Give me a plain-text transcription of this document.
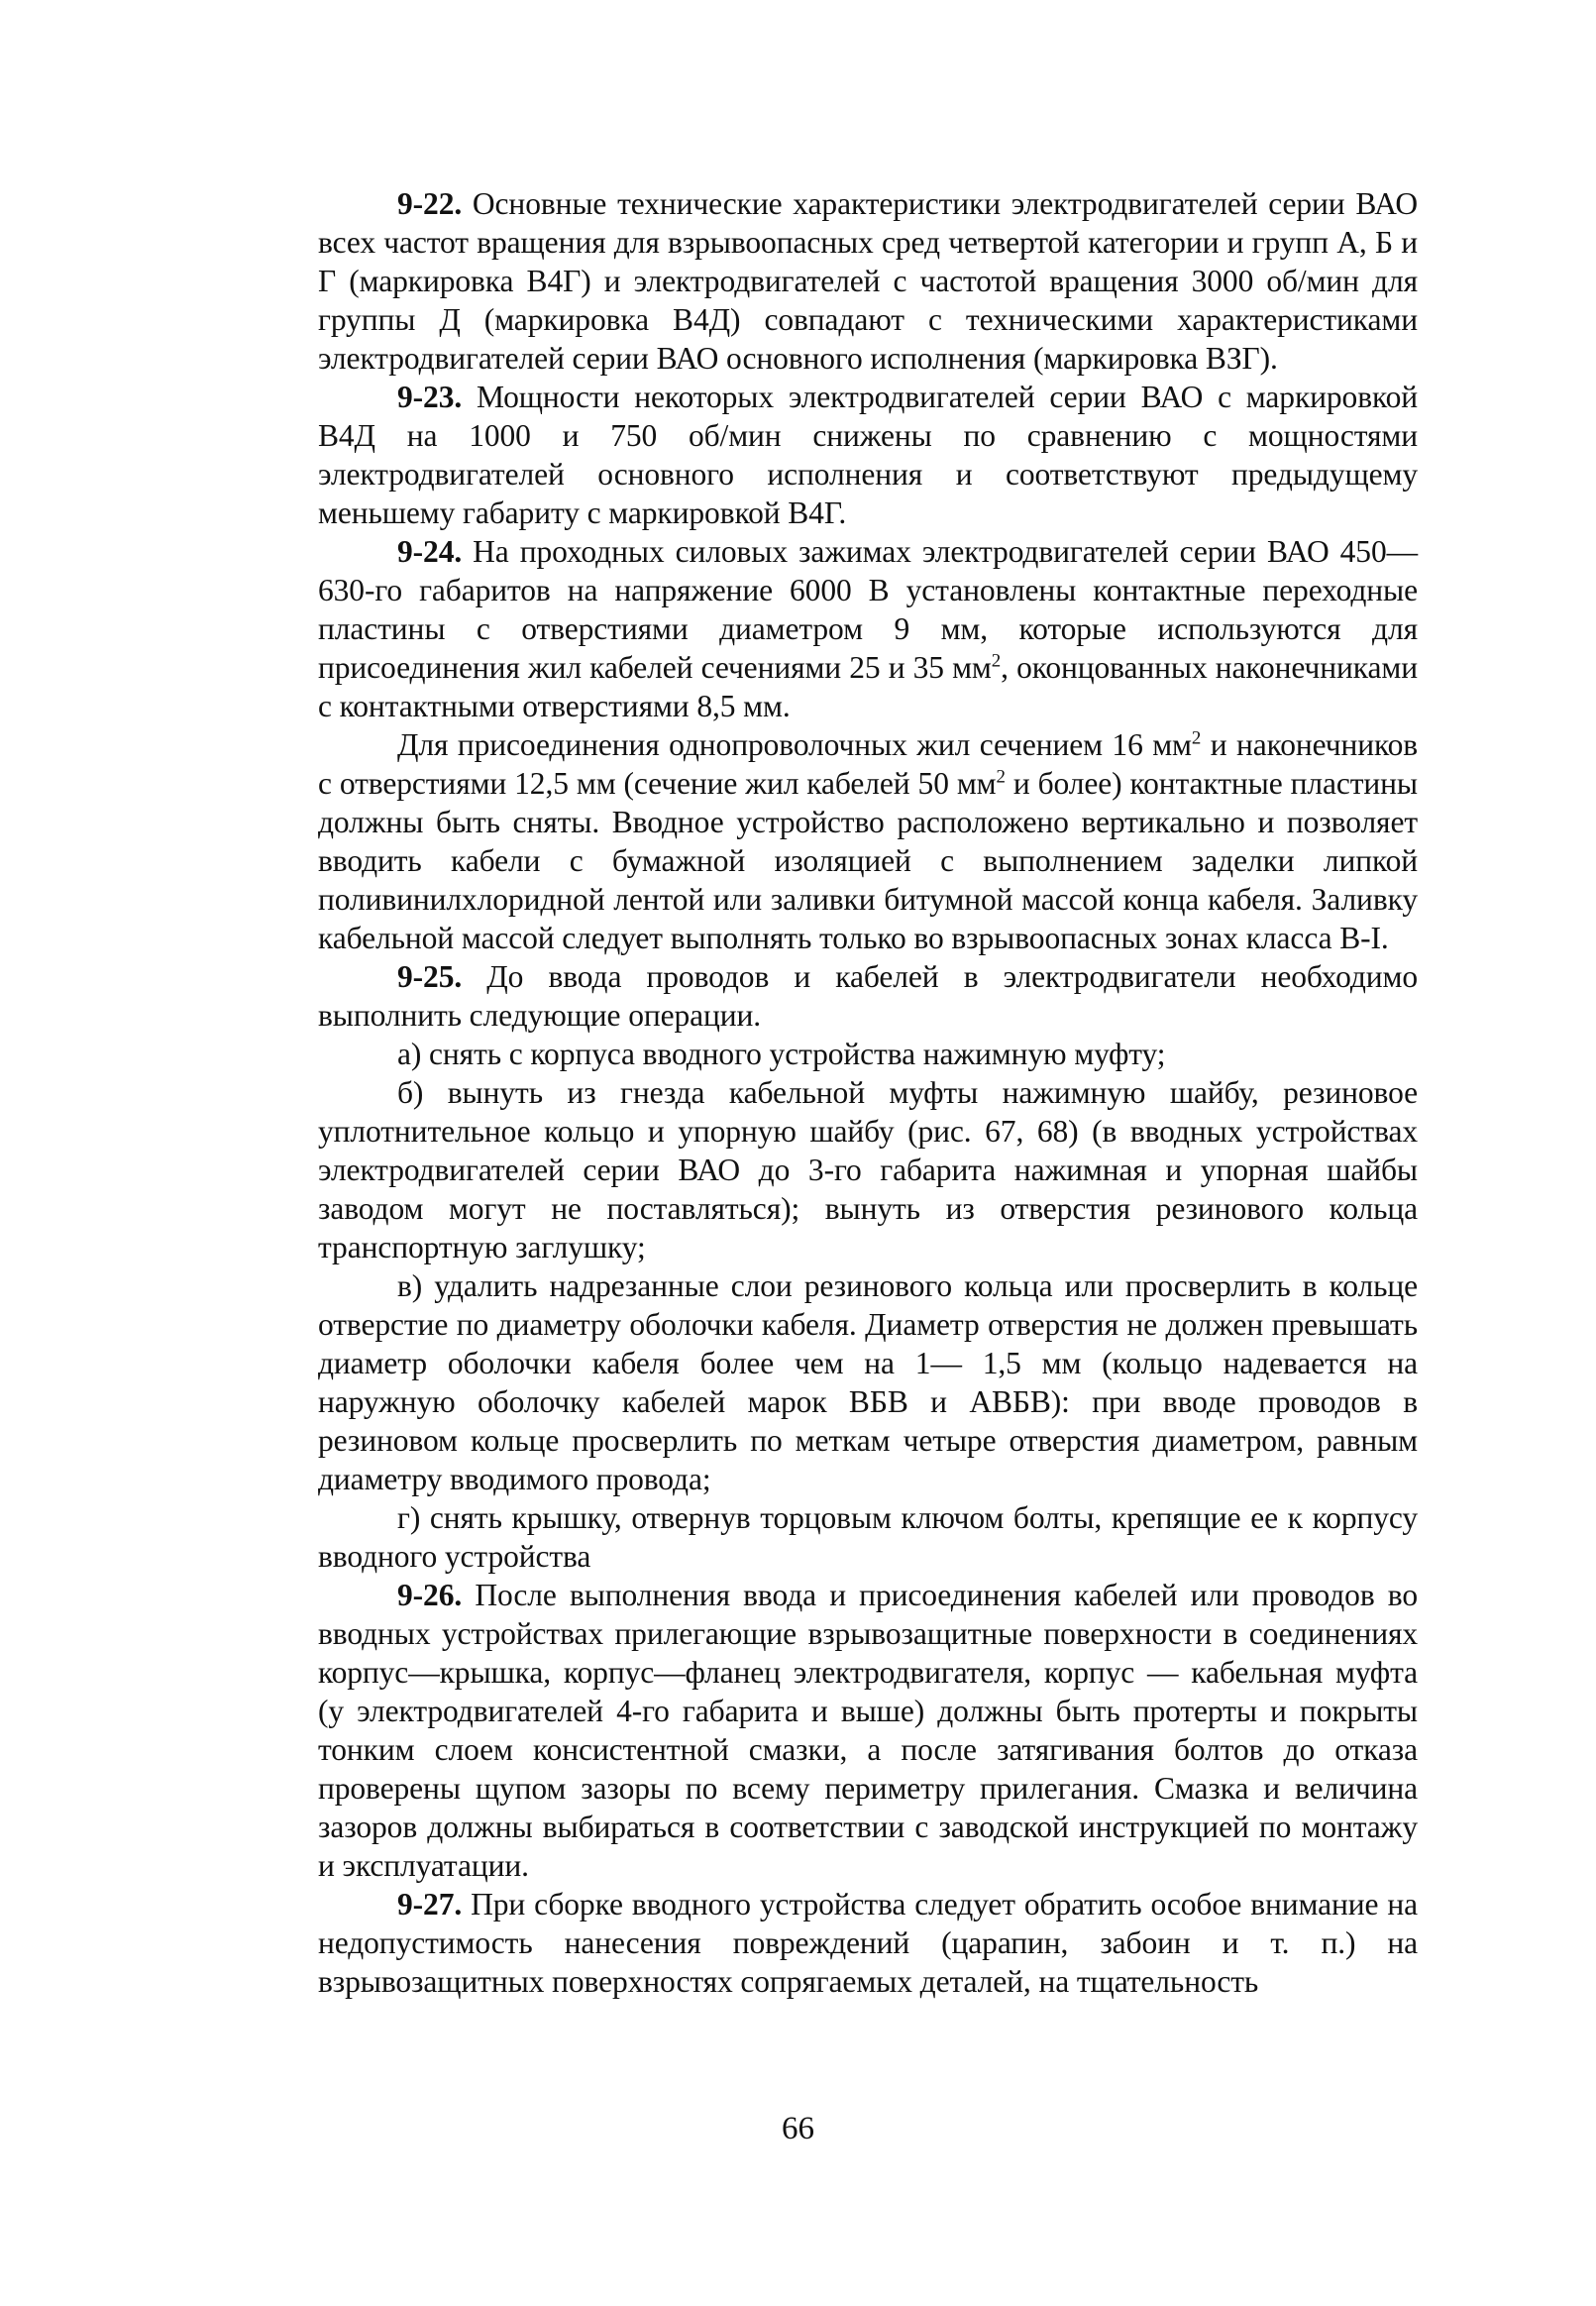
9-22. Основные технические характеристики электродвигателей серии ВАО всех частот вращения для взрывоопасных сред четвертой категории и групп А, Б и Г (маркировка В4Г) и электродвигателей с частотой вращения 3000 об/мин для группы Д (маркировка В4Д) совпадают с техническими характеристиками электродвигателей серии ВАО основного исполнения (маркировка ВЗГ).

9-23. Мощности некоторых электродвигателей серии ВАО с маркировкой В4Д на 1000 и 750 об/мин снижены по сравнению с мощностями электродвигателей основного исполнения и соответствуют предыдущему меньшему габариту с маркировкой В4Г.

9-24. На проходных силовых зажимах электродвигателей серии ВАО 450—630-го габаритов на напряжение 6000 В установлены контактные переходные пластины с отверстиями диаметром 9 мм, которые используются для присоединения жил кабелей сечениями 25 и 35 $мм^2$, оконцованных наконечниками с контактными отверстиями 8,5 мм.

Для присоединения однопроволочных жил сечением 16 $мм^2$ и наконечников с отверстиями 12,5 мм (сечение жил кабелей 50 $мм^2$ и более) контактные пластины должны быть сняты. Вводное устройство расположено вертикально и позволяет вводить кабели с бумажной изоляцией с выполнением заделки липкой поливинилхлоридной лентой или заливки битумной массой конца кабеля. Заливку кабельной массой следует выполнять только во взрывоопасных зонах класса В-I.

9-25. До ввода проводов и кабелей в электродвигатели необходимо выполнить следующие операции.

а) снять с корпуса вводного устройства нажимную муфту;

б) вынуть из гнезда кабельной муфты нажимную шайбу, резиновое уплотнительное кольцо и упорную шайбу (рис. 67, 68) (в вводных устройствах электродвигателей серии ВАО до 3-го габарита нажимная и упорная шайбы заводом могут не поставляться); вынуть из отверстия резинового кольца транспортную заглушку;

в) удалить надрезанные слои резинового кольца или просверлить в кольце отверстие по диаметру оболочки кабеля. Диаметр отверстия не должен превышать диаметр оболочки кабеля более чем на 1— 1,5 мм (кольцо надевается на наружную оболочку кабелей марок ВБВ и АВБВ): при вводе проводов в резиновом кольце просверлить по меткам четыре отверстия диаметром, равным диаметру вводимого провода;

г) снять крышку, отвернув торцовым ключом болты, крепящие ее к корпусу вводного устройства

9-26. После выполнения ввода и присоединения кабелей или проводов во вводных устройствах прилегающие взрывозащитные поверхности в соединениях корпус—крышка, корпус—фланец электродвигателя, корпус — кабельная муфта (у электродвигателей 4-го габарита и выше) должны быть протерты и покрыты тонким слоем консистентной смазки, а после затягивания болтов до отказа проверены щупом зазоры по всему периметру прилегания. Смазка и величина зазоров должны выбираться в соответствии с заводской инструкцией по монтажу и эксплуатации.

9-27. При сборке вводного устройства следует обратить особое внимание на недопустимость нанесения повреждений (царапин, забоин и т. п.) на взрывозащитных поверхностях сопрягаемых деталей, на тщательность

66
